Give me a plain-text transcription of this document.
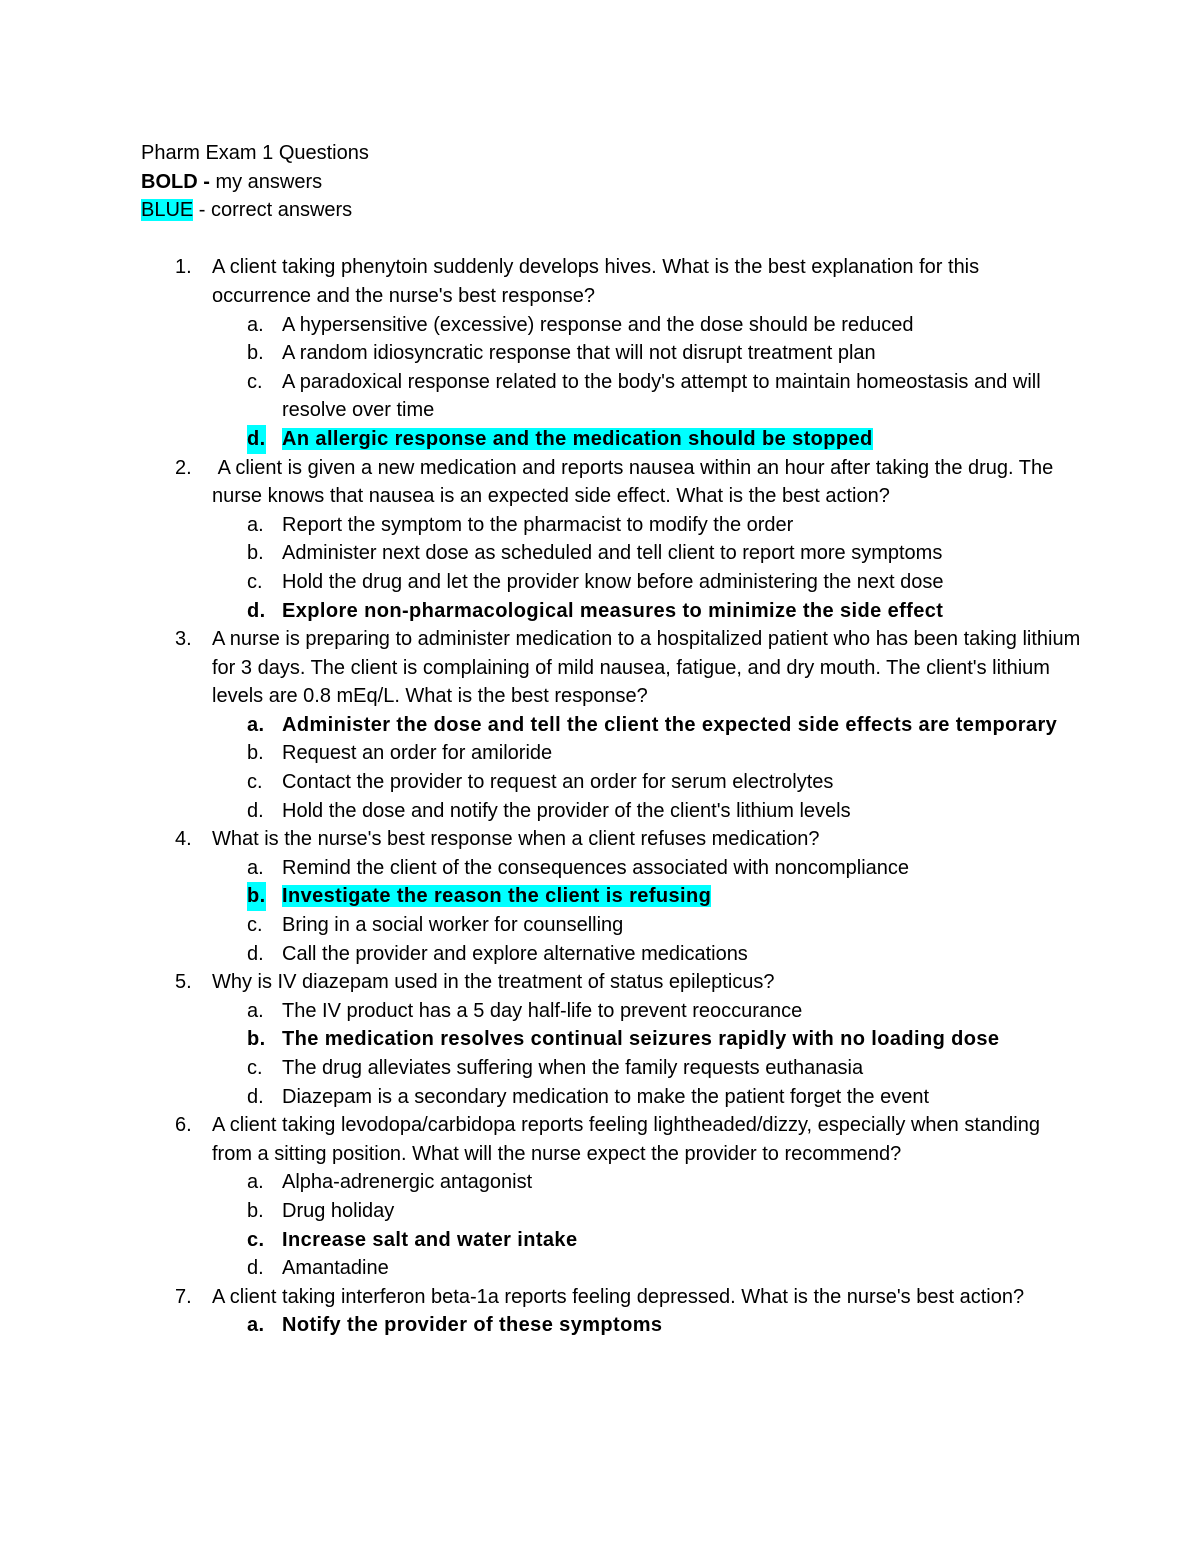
Pharm Exam 1 Questions

BOLD - my answers

BLUE - correct answers

1. A client taking phenytoin suddenly develops hives. What is the best explanation for this occurrence and the nurse's best response?
a. A hypersensitive (excessive) response and the dose should be reduced
b. A random idiosyncratic response that will not disrupt treatment plan
c. A paradoxical response related to the body's attempt to maintain homeostasis and will resolve over time
d. An allergic response and the medication should be stopped
2. A client is given a new medication and reports nausea within an hour after taking the drug. The nurse knows that nausea is an expected side effect. What is the best action?
a. Report the symptom to the pharmacist to modify the order
b. Administer next dose as scheduled and tell client to report more symptoms
c. Hold the drug and let the provider know before administering the next dose
d. Explore non-pharmacological measures to minimize the side effect
3. A nurse is preparing to administer medication to a hospitalized patient who has been taking lithium for 3 days. The client is complaining of mild nausea, fatigue, and dry mouth. The client's lithium levels are 0.8 mEq/L. What is the best response?
a. Administer the dose and tell the client the expected side effects are temporary
b. Request an order for amiloride
c. Contact the provider to request an order for serum electrolytes
d. Hold the dose and notify the provider of the client's lithium levels
4. What is the nurse's best response when a client refuses medication?
a. Remind the client of the consequences associated with noncompliance
b. Investigate the reason the client is refusing
c. Bring in a social worker for counselling
d. Call the provider and explore alternative medications
5. Why is IV diazepam used in the treatment of status epilepticus?
a. The IV product has a 5 day half-life to prevent reoccurance
b. The medication resolves continual seizures rapidly with no loading dose
c. The drug alleviates suffering when the family requests euthanasia
d. Diazepam is a secondary medication to make the patient forget the event
6. A client taking levodopa/carbidopa reports feeling lightheaded/dizzy, especially when standing from a sitting position. What will the nurse expect the provider to recommend?
a. Alpha-adrenergic antagonist
b. Drug holiday
c. Increase salt and water intake
d. Amantadine
7. A client taking interferon beta-1a reports feeling depressed. What is the nurse's best action?
a. Notify the provider of these symptoms
